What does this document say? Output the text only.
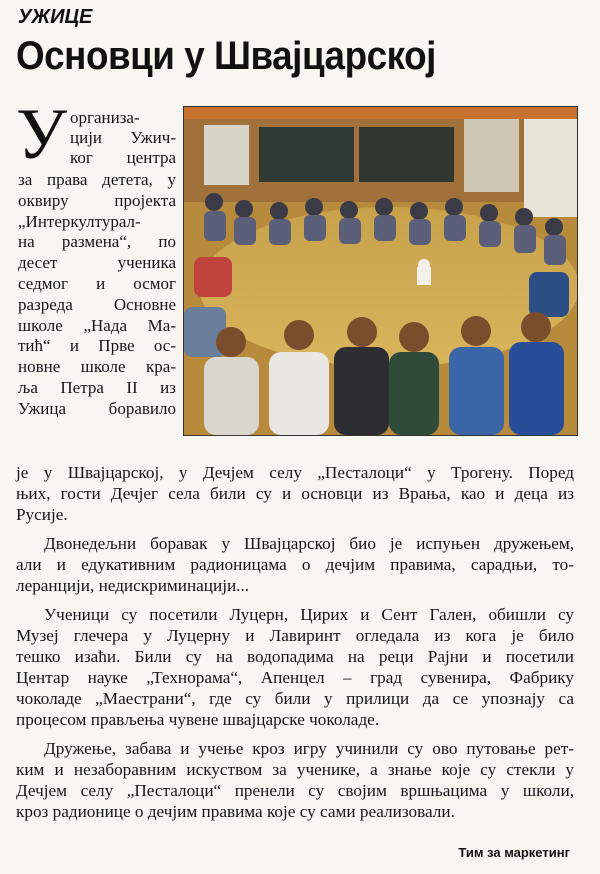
УЖИЦЕ
Основци у Швајцарској
У организа-
цији Ужич-
ког центра
за права детета, у
оквиру пројекта
„Интеркултурал-
на размена“, по
десет ученика
седмог и осмог
разреда Основне
школе „Нада Ма-
тић“ и Прве ос-
новне школе кра-
ља Петра II из
Ужица боравило
је у Швајцарској, у Дечјем селу „Песталоци“ у Трогену. Поред
њих, гости Дечјег села били су и основци из Врања, као и деца из
Русије.
Двонедељни боравак у Швајцарској био је испуњен дружењем,
али и едукативним радионицама о дечјим правима, сарадњи, то-
леранцији, недискриминацији...
Ученици су посетили Луцерн, Цирих и Сент Гален, обишли су
Музеј глечера у Луцерну и Лавиринт огледала из кога је било
тешко изаћи. Били су на водопадима на реци Рајни и посетили
Центар науке „Технорама“, Апенцел – град сувенира, Фабрику
чоколаде „Маестрани“, где су били у прилици да се упознају са
процесом прављења чувене швајцарске чоколаде.
Дружење, забава и учење кроз игру учинили су ово путовање рет-
ким и незаборавним искуством за ученике, а знање које су стекли у
Дечјем селу „Песталоци“ пренели су својим вршњацима у школи,
кроз радионице о дечјим правима које су сами реализовали.
Тим за маркетинг
